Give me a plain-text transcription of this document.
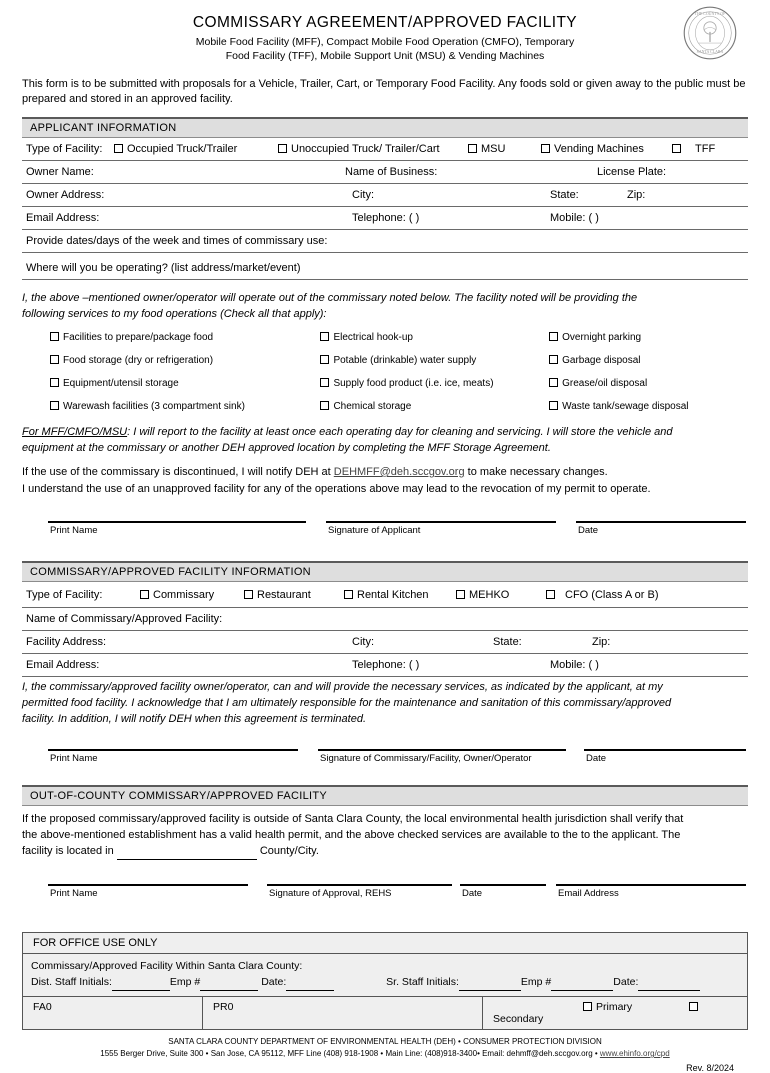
THE COUNTY OF
SANTA CLARA
COMMISSARY AGREEMENT/APPROVED FACILITY
Mobile Food Facility (MFF), Compact Mobile Food Operation (CMFO), Temporary
Food Facility (TFF), Mobile Support Unit (MSU) & Vending Machines
This form is to be submitted with proposals for a Vehicle, Trailer, Cart, or Temporary Food Facility. Any foods sold or given away to the public must be prepared and stored in an approved facility.
APPLICANT INFORMATION
Type of Facility:	Occupied Truck/Trailer	Unoccupied Truck/ Trailer/Cart	MSU	Vending Machines	TFF
Owner Name:	Name of Business:	License Plate:
Owner Address:	City:	State:	Zip:
Email Address:	Telephone: ( )	Mobile: ( )
Provide dates/days of the week and times of commissary use:
Where will you be operating? (list address/market/event)
I, the above –mentioned owner/operator will operate out of the commissary noted below. The facility noted will be providing the
following services to my food operations (Check all that apply):
Facilities to prepare/package food	Electrical hook-up	Overnight parking
Food storage (dry or refrigeration)	Potable (drinkable) water supply	Garbage disposal
Equipment/utensil storage	Supply food product (i.e. ice, meats)	Grease/oil disposal
Warewash facilities (3 compartment sink)	Chemical storage	Waste tank/sewage disposal
For MFF/CMFO/MSU: I will report to the facility at least once each operating day for cleaning and servicing. I will store the vehicle and
equipment at the commissary or another DEH approved location by completing the MFF Storage Agreement.
If the use of the commissary is discontinued, I will notify DEH at DEHMFF@deh.sccgov.org to make necessary changes.
I understand the use of an unapproved facility for any of the operations above may lead to the revocation of my permit to operate.
Print Name	Signature of Applicant	Date
COMMISSARY/APPROVED FACILITY INFORMATION
Type of Facility:	Commissary	Restaurant	Rental Kitchen	MEHKO	CFO (Class A or B)
Name of Commissary/Approved Facility:
Facility Address:	City:	State:	Zip:
Email Address:	Telephone: ( )	Mobile: ( )
I, the commissary/approved facility owner/operator, can and will provide the necessary services, as indicated by the applicant, at my
permitted food facility. I acknowledge that I am ultimately responsible for the maintenance and sanitation of this commissary/approved
facility. In addition, I will notify DEH when this agreement is terminated.
Print Name	Signature of Commissary/Facility, Owner/Operator	Date
OUT-OF-COUNTY COMMISSARY/APPROVED FACILITY
If the proposed commissary/approved facility is outside of Santa Clara County, the local environmental health jurisdiction shall verify that
the above-mentioned establishment has a valid health permit, and the above checked services are available to the to the applicant. The
facility is located in	County/City.
Print Name	Signature of Approval, REHS	Date	Email Address
FOR OFFICE USE ONLY
Commissary/Approved Facility Within Santa Clara County:
Dist. Staff Initials:	Emp #	Date:	Sr. Staff Initials:	Emp #	Date:
FA0	PR0	Primary Secondary
SANTA CLARA COUNTY DEPARTMENT OF ENVIRONMENTAL HEALTH (DEH) • CONSUMER PROTECTION DIVISION
1555 Berger Drive, Suite 300 • San Jose, CA 95112, MFF Line (408) 918-1908 • Main Line: (408)918-3400• Email: dehmff@deh.sccgov.org • www.ehinfo.org/cpd
Rev. 8/2024
